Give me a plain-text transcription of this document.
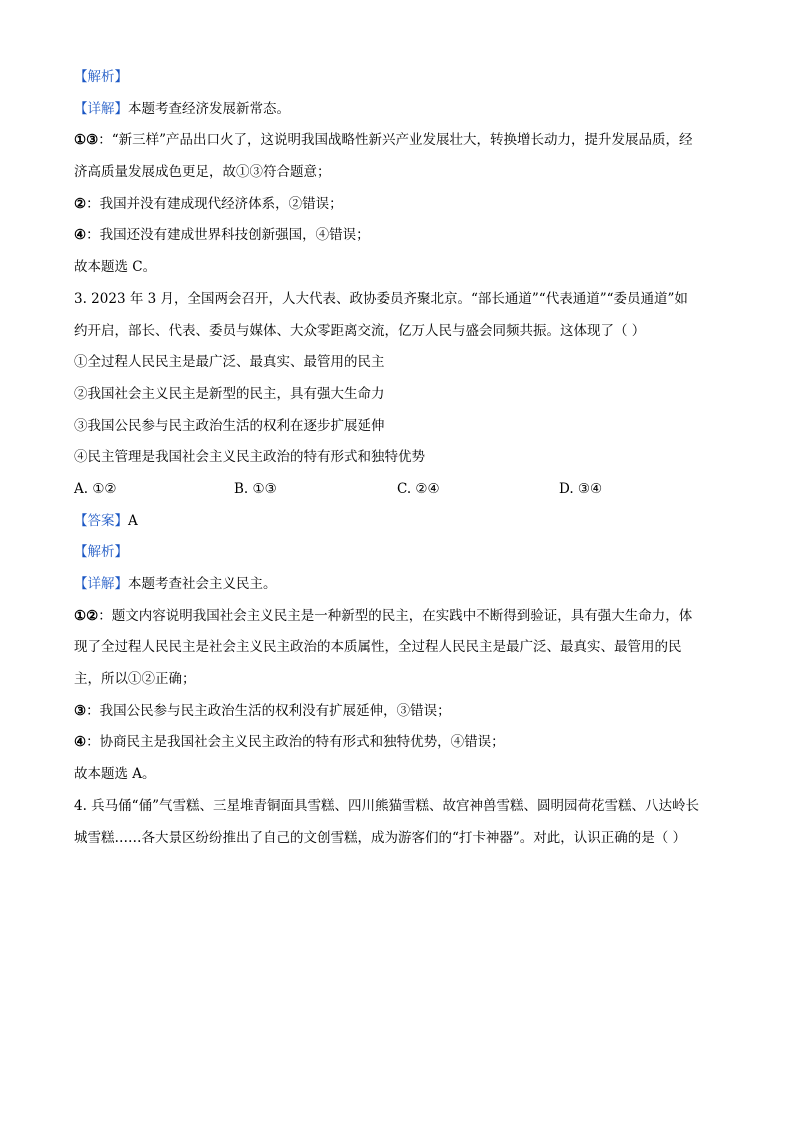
【解析】
【详解】本题考查经济发展新常态。
①③：“新三样”产品出口火了，这说明我国战略性新兴产业发展壮大，转换增长动力，提升发展品质，经
济高质量发展成色更足，故①③符合题意；
②：我国并没有建成现代经济体系，②错误；
④：我国还没有建成世界科技创新强国，④错误；
故本题选 C。
3. 2023 年 3 月，全国两会召开，人大代表、政协委员齐聚北京。“部长通道”“代表通道”“委员通道”如
约开启，部长、代表、委员与媒体、大众零距离交流，亿万人民与盛会同频共振。这体现了（ ）
①全过程人民民主是最广泛、最真实、最管用的民主
②我国社会主义民主是新型的民主，具有强大生命力
③我国公民参与民主政治生活的权利在逐步扩展延伸
④民主管理是我国社会主义民主政治的特有形式和独特优势
A. ①②	B. ①③	C. ②④	D. ③④
【答案】A
【解析】
【详解】本题考查社会主义民主。
①②：题文内容说明我国社会主义民主是一种新型的民主，在实践中不断得到验证，具有强大生命力，体
现了全过程人民民主是社会主义民主政治的本质属性，全过程人民民主是最广泛、最真实、最管用的民
主，所以①②正确；
③：我国公民参与民主政治生活的权利没有扩展延伸，③错误；
④：协商民主是我国社会主义民主政治的特有形式和独特优势，④错误；
故本题选 A。
4. 兵马俑“俑”气雪糕、三星堆青铜面具雪糕、四川熊猫雪糕、故宫神兽雪糕、圆明园荷花雪糕、八达岭长
城雪糕……各大景区纷纷推出了自己的文创雪糕，成为游客们的“打卡神器”。对此，认识正确的是（ ）
